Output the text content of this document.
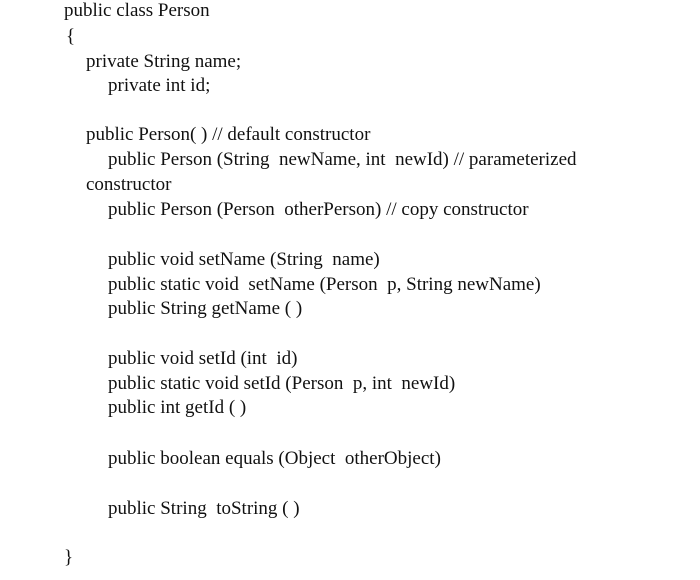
public class Person
{
private String name;
private int id;
public Person( ) // default constructor
public Person (String  newName, int  newId) // parameterized
constructor
public Person (Person  otherPerson) // copy constructor
public void setName (String  name)
public static void  setName (Person  p, String newName)
public String getName ( )
public void setId (int  id)
public static void setId (Person  p, int  newId)
public int getId ( )
public boolean equals (Object  otherObject)
public String  toString ( )
}
